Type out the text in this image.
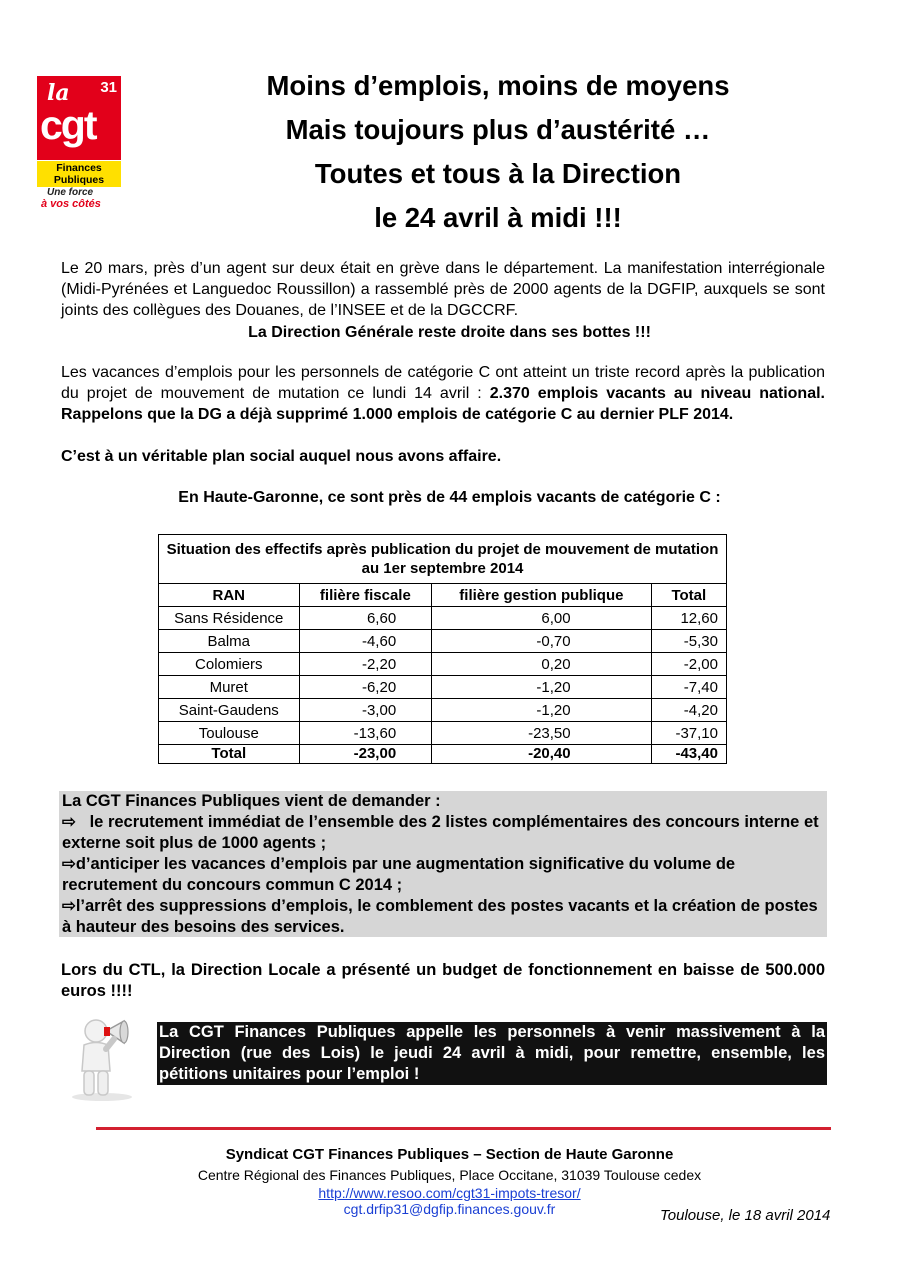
la 31
cgt
Finances
Publiques
Une force
à vos côtés
Moins d’emplois, moins de moyens
Mais toujours plus d’austérité …
Toutes et tous à la Direction
le 24 avril à midi !!!
Le 20 mars, près d’un agent sur deux était en grève dans le département. La manifestation interrégionale (Midi-Pyrénées et Languedoc Roussillon) a rassemblé près de 2000 agents de la DGFIP, auxquels se sont joints des collègues des Douanes, de l’INSEE et de la DGCCRF.
La Direction Générale reste droite dans ses bottes !!!
Les vacances d’emplois pour les personnels de catégorie C ont atteint un triste record après la publication du projet de mouvement de mutation ce lundi 14 avril : 2.370 emplois vacants au niveau national. Rappelons que la DG a déjà supprimé 1.000 emplois de catégorie C au dernier PLF 2014.
C’est à un véritable plan social auquel nous avons affaire.
En Haute-Garonne, ce sont près de 44 emplois vacants de catégorie C :
Situation des effectifs après publication du projet de mouvement de mutation au 1er septembre 2014			
RAN	filière fiscale	filière gestion publique	Total
Sans Résidence	6,60	6,00	12,60
Balma	-4,60	-0,70	-5,30
Colomiers	-2,20	0,20	-2,00
Muret	-6,20	-1,20	-7,40
Saint-Gaudens	-3,00	-1,20	-4,20
Toulouse	-13,60	-23,50	-37,10
Total	-23,00	-20,40	-43,40

La CGT Finances Publiques vient de demander :

⇨ le recrutement immédiat de l’ensemble des 2 listes complémentaires des concours interne et externe soit plus de 1000 agents ;

⇨d’anticiper les vacances d’emplois par une augmentation significative du volume de recrutement du concours commun C 2014 ;

⇨l’arrêt des suppressions d’emplois, le comblement des postes vacants et la création de postes à hauteur des besoins des services.

Lors du CTL, la Direction Locale a présenté un budget de fonctionnement en baisse de 500.000 euros !!!!
La CGT Finances Publiques appelle les personnels à venir massivement à la Direction (rue des Lois) le jeudi 24 avril à midi, pour remettre, ensemble, les pétitions unitaires pour l’emploi !
Syndicat CGT Finances Publiques – Section de Haute Garonne
Centre Régional des Finances Publiques, Place Occitane, 31039 Toulouse cedex
http://www.resoo.com/cgt31-impots-tresor/
cgt.drfip31@dgfip.finances.gouv.fr	Toulouse, le 18 avril 2014
